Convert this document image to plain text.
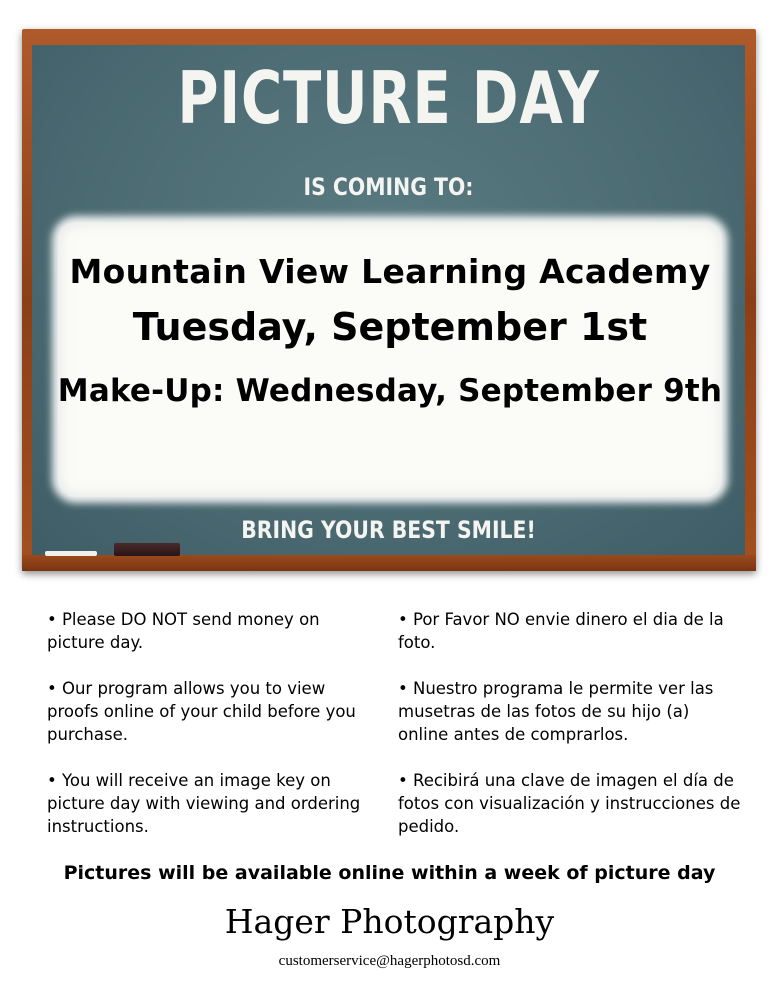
PICTURE DAY
IS COMING TO:
Mountain View Learning Academy
Tuesday, September 1st
Make-Up: Wednesday, September 9th
BRING YOUR BEST SMILE!

• Please DO NOT send money on picture day.

• Our program allows you to view proofs online of your child before you purchase.

• You will receive an image key on picture day with viewing and ordering instructions.

• Por Favor NO envie dinero el dia de la foto.

• Nuestro programa le permite ver las musetras de las fotos de su hijo (a) online antes de comprarlos.

• Recibirá una clave de imagen el día de fotos con visualización y instrucciones de pedido.

Pictures will be available online within a week of picture day
Hager Photography
customerservice@hagerphotosd.com
